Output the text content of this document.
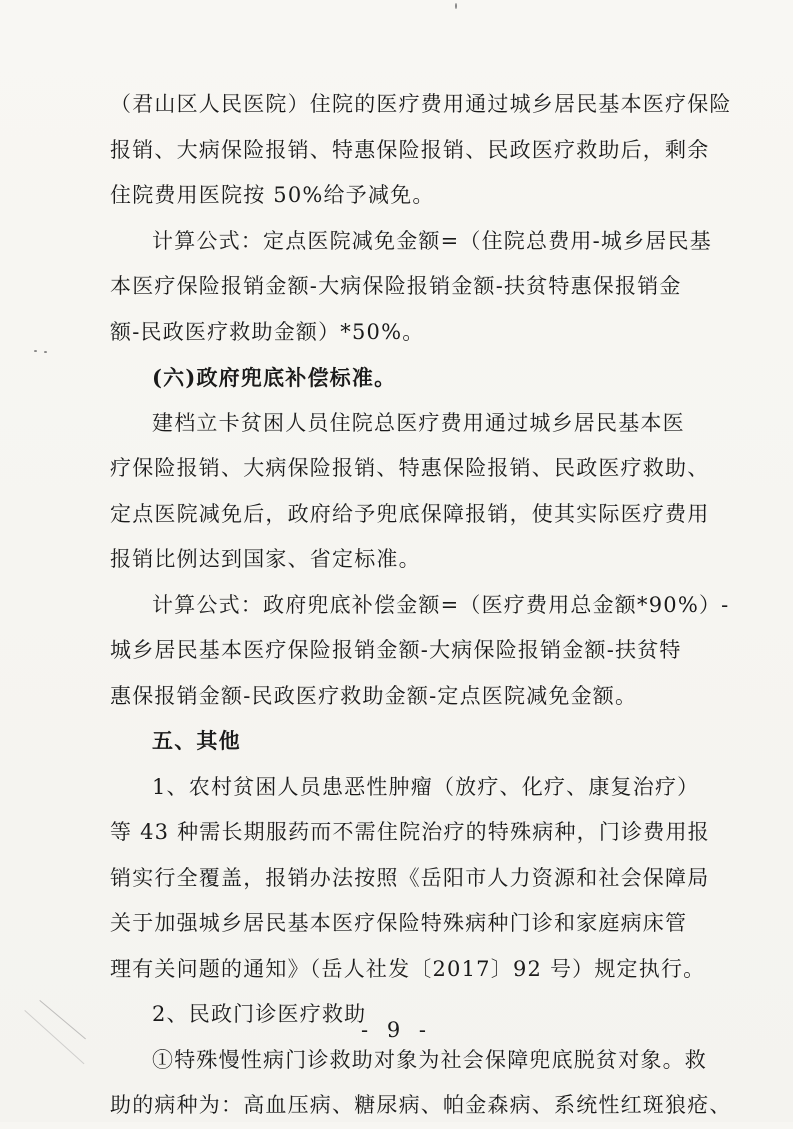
（君山区人民医院）住院的医疗费用通过城乡居民基本医疗保险
报销、大病保险报销、特惠保险报销、民政医疗救助后，剩余
住院费用医院按 50%给予减免。
计算公式：定点医院减免金额=（住院总费用-城乡居民基
本医疗保险报销金额-大病保险报销金额-扶贫特惠保报销金
额-民政医疗救助金额）*50%。
(六)政府兜底补偿标准。
建档立卡贫困人员住院总医疗费用通过城乡居民基本医
疗保险报销、大病保险报销、特惠保险报销、民政医疗救助、
定点医院减免后，政府给予兜底保障报销，使其实际医疗费用
报销比例达到国家、省定标准。
计算公式：政府兜底补偿金额=（医疗费用总金额*90%）-
城乡居民基本医疗保险报销金额-大病保险报销金额-扶贫特
惠保报销金额-民政医疗救助金额-定点医院减免金额。
五、其他
1、农村贫困人员患恶性肿瘤（放疗、化疗、康复治疗）
等 43 种需长期服药而不需住院治疗的特殊病种，门诊费用报
销实行全覆盖，报销办法按照《岳阳市人力资源和社会保障局
关于加强城乡居民基本医疗保险特殊病种门诊和家庭病床管
理有关问题的通知》（岳人社发〔2017〕92 号）规定执行。
2、民政门诊医疗救助
①特殊慢性病门诊救助对象为社会保障兜底脱贫对象。救
助的病种为：高血压病、糖尿病、帕金森病、系统性红斑狼疮、
- 9 -
